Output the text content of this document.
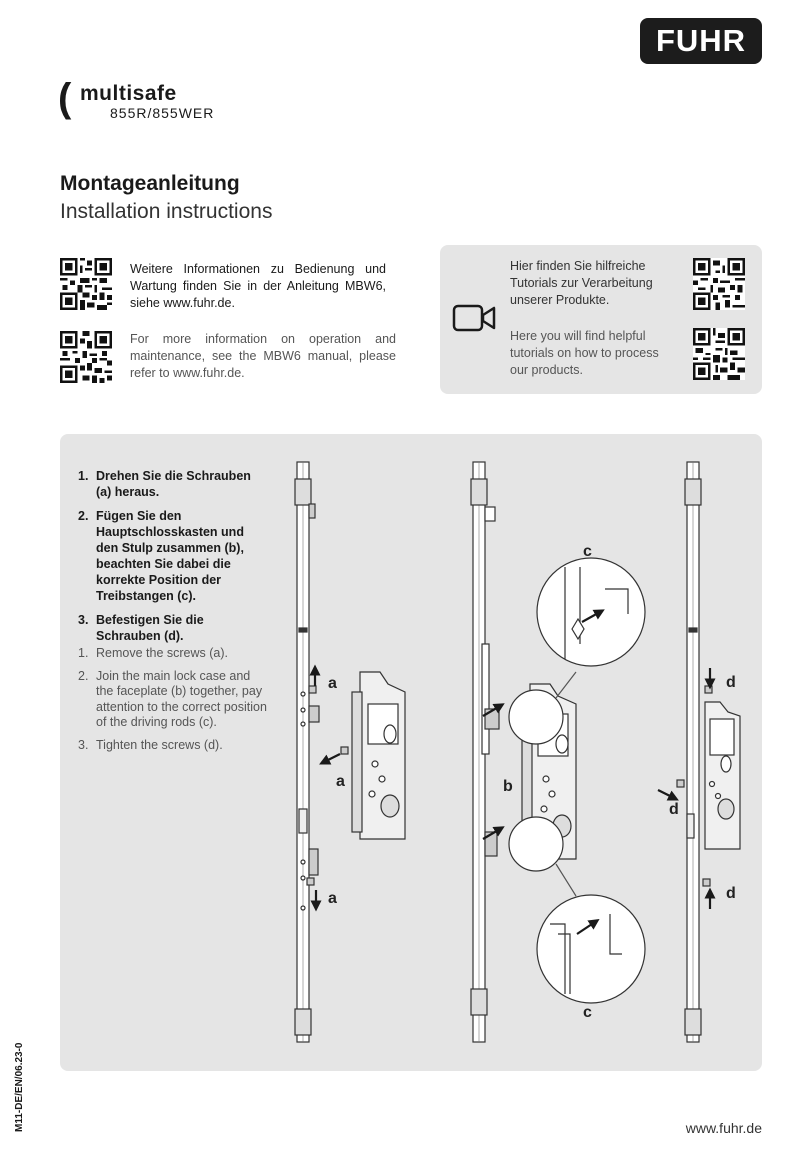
FUHR
( multisafe
855R/855WER
Montageanleitung
Installation instructions
Weitere Informationen zu Bedienung und Wartung finden Sie in der Anleitung MBW6, siehe www.fuhr.de.
For more information on operation and maintenance, see the MBW6 manual, please refer to www.fuhr.de.
Hier finden Sie hilfreiche Tutorials zur Verarbeitung unserer Produkte.
Here you will find helpful tutorials on how to process our products.
1. Drehen Sie die Schrauben (a) heraus.
2. Fügen Sie den Hauptschlosskasten und den Stulp zusammen (b), beachten Sie dabei die korrekte Position der Treibstangen (c).
3. Befestigen Sie die Schrauben (d).
1. Remove the screws (a).
2. Join the main lock case and the faceplate (b) together, pay attention to the correct position of the driving rods (c).
3. Tighten the screws (d).
a
a
a
b
c
c
d
d
d
M11-DE/EN/06.23-0	www.fuhr.de
